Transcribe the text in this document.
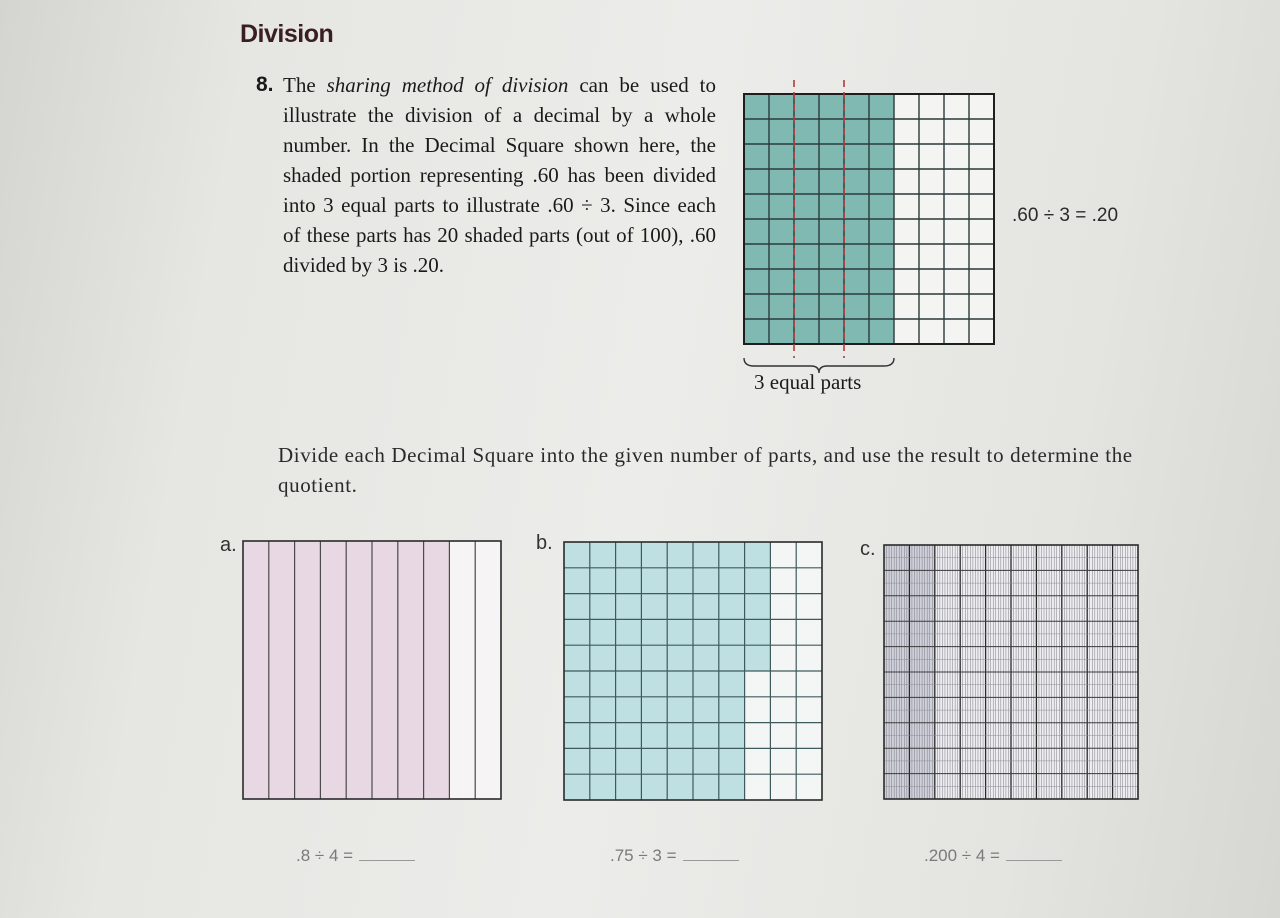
Division
8. The sharing method of division can be used to illustrate the division of a decimal by a whole number. In the Decimal Square shown here, the shaded portion representing .60 has been divided into 3 equal parts to illustrate .60 ÷ 3. Since each of these parts has 20 shaded parts (out of 100), .60 divided by 3 is .20.
.60 ÷ 3 = .20
3 equal parts
Divide each Decimal Square into the given number of parts, and use the result to determine the quotient.
a.
.8 ÷ 4 =
b.
.75 ÷ 3 =
c.
.200 ÷ 4 =
